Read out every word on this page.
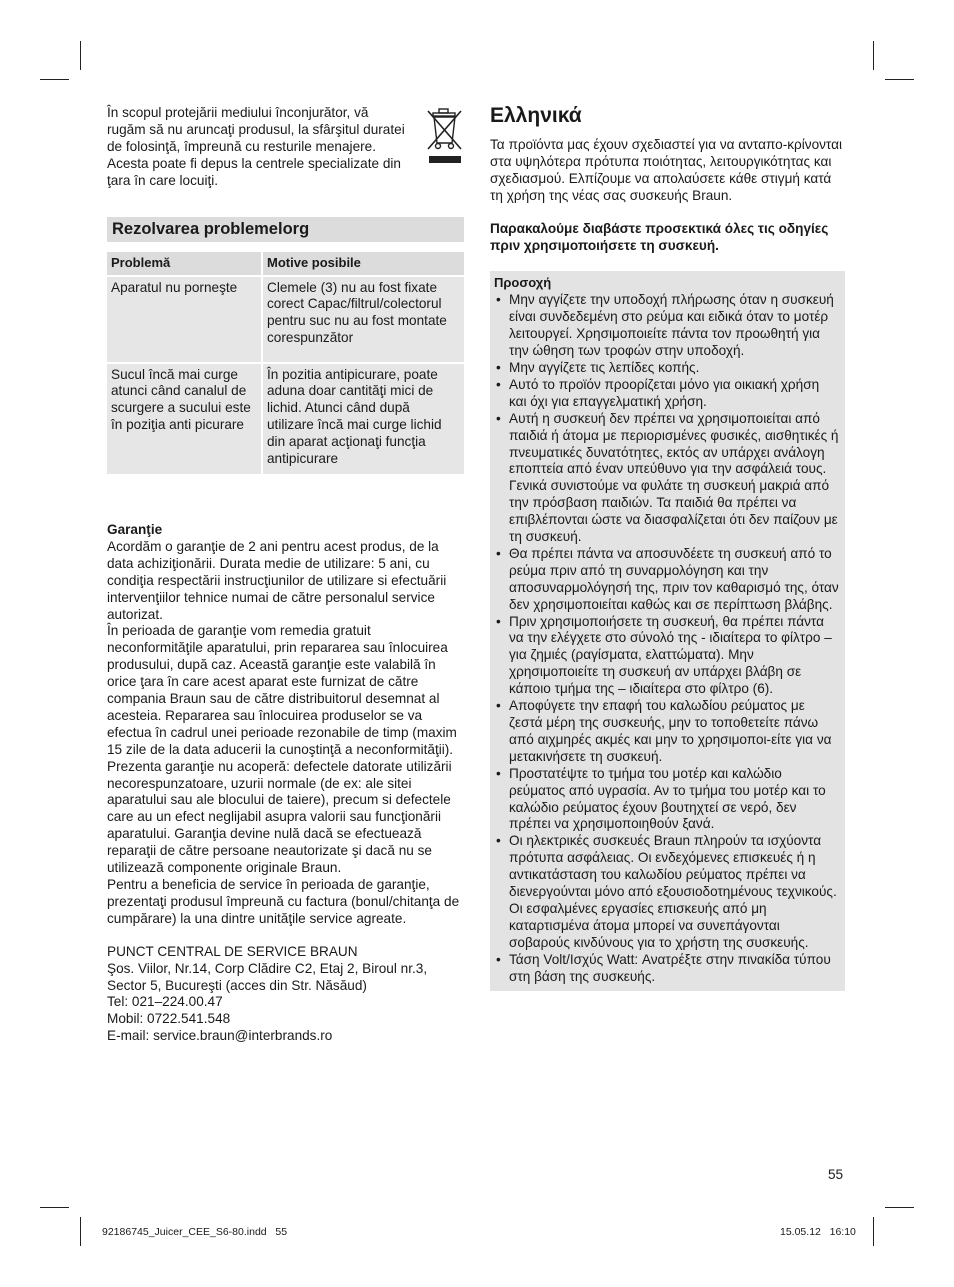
În scopul protejării mediului înconjurător, vă rugăm să nu aruncaţi produsul, la sfârşitul duratei de folosinţă, împreună cu resturile menajere. Acesta poate fi depus la centrele specializate din ţara în care locuiţi.

Rezolvarea problemelorg
Problemă	Motive posibile
Aparatul nu porneşte	Clemele (3) nu au fost fixate corect Capac/filtrul/colectorul pentru suc nu au fost montate corespunzător
Sucul încă mai curge atunci când canalul de scurgere a sucului este în poziţia anti picurare	În pozitia antipicurare, poate aduna doar cantităţi mici de lichid. Atunci când după utilizare încă mai curge lichid din aparat acţionaţi funcţia antipicurare

Garanţie

Acordăm o garanţie de 2 ani pentru acest produs, de la data achiziţionării. Durata medie de utilizare: 5 ani, cu condiţia respectării instrucţiunilor de utilizare si efectuării intervenţiilor tehnice numai de către personalul service autorizat.

În perioada de garanţie vom remedia gratuit neconformităţile aparatului, prin repararea sau înlocuirea produsului, după caz. Această garanţie este valabilă în orice ţara în care acest aparat este furnizat de către compania Braun sau de către distribuitorul desemnat al acesteia. Repararea sau înlocuirea produselor se va efectua în cadrul unei perioade rezonabile de timp (maxim 15 zile de la data aducerii la cunoştinţă a neconformităţii).

Prezenta garanţie nu acoperă: defectele datorate utilizării necorespunzatoare, uzurii normale (de ex: ale sitei aparatului sau ale blocului de taiere), precum si defectele care au un efect neglijabil asupra valorii sau funcţionării aparatului. Garanţia devine nulă dacă se efectuează reparaţii de către persoane neautorizate şi dacă nu se utilizează componente originale Braun.

Pentru a beneficia de service în perioada de garanţie, prezentaţi produsul împreună cu factura (bonul/chitanţa de cumpărare) la una dintre unităţile service agreate.

PUNCT CENTRAL DE SERVICE BRAUN

Şos. Viilor, Nr.14, Corp Clădire C2, Etaj 2, Biroul nr.3, Sector 5, Bucureşti (acces din Str. Năsăud)

Tel: 021–224.00.47

Mobil: 0722.541.548

E-mail: service.braun@interbrands.ro

Ελληνικά

Τα προϊόντα μας έχουν σχεδιαστεί για να ανταπο-κρίνονται στα υψηλότερα πρότυπα ποιότητας, λειτουργικότητας και σχεδιασμού. Ελπίζουμε να απολαύσετε κάθε στιγμή κατά τη χρήση της νέας σας συσκευής Braun.

Παρακαλούμε διαβάστε προσεκτικά όλες τις οδηγίες πριν χρησιμοποιήσετε τη συσκευή.

Προσοχή
• Μην αγγίζετε την υποδοχή πλήρωσης όταν η συσκευή είναι συνδεδεμένη στο ρεύμα και ειδικά όταν το μοτέρ λειτουργεί. Χρησιμοποιείτε πάντα τον προωθητή για την ώθηση των τροφών στην υποδοχή.
• Μην αγγίζετε τις λεπίδες κοπής.
• Αυτό το προϊόν προορίζεται μόνο για οικιακή χρήση και όχι για επαγγελματική χρήση.
• Αυτή η συσκευή δεν πρέπει να χρησιμοποιείται από παιδιά ή άτομα με περιορισμένες φυσικές, αισθητικές ή πνευματικές δυνατότητες, εκτός αν υπάρχει ανάλογη εποπτεία από έναν υπεύθυνο για την ασφάλειά τους. Γενικά συνιστούμε να φυλάτε τη συσκευή μακριά από την πρόσβαση παιδιών. Τα παιδιά θα πρέπει να επιβλέπονται ώστε να διασφαλίζεται ότι δεν παίζουν με τη συσκευή.
• Θα πρέπει πάντα να αποσυνδέετε τη συσκευή από το ρεύμα πριν από τη συναρμολόγηση και την αποσυναρμολόγησή της, πριν τον καθαρισμό της, όταν δεν χρησιμοποιείται καθώς και σε περίπτωση βλάβης.
• Πριν χρησιμοποιήσετε τη συσκευή, θα πρέπει πάντα να την ελέγχετε στο σύνολό της - ιδιαίτερα το φίλτρο – για ζημιές (ραγίσματα, ελαττώματα). Μην χρησιμοποιείτε τη συσκευή αν υπάρχει βλάβη σε κάποιο τμήμα της – ιδιαίτερα στο φίλτρο (6).
• Αποφύγετε την επαφή του καλωδίου ρεύματος με ζεστά μέρη της συσκευής, μην το τοποθετείτε πάνω από αιχμηρές ακμές και μην το χρησιμοποι-είτε για να μετακινήσετε τη συσκευή.
• Προστατέψτε το τμήμα του μοτέρ και καλώδιο ρεύματος από υγρασία. Αν το τμήμα του μοτέρ και το καλώδιο ρεύματος έχουν βουτηχτεί σε νερό, δεν πρέπει να χρησιμοποιηθούν ξανά.
• Οι ηλεκτρικές συσκευές Braun πληρούν τα ισχύοντα πρότυπα ασφάλειας. Οι ενδεχόμενες επισκευές ή η αντικατάσταση του καλωδίου ρεύματος πρέπει να διενεργούνται μόνο από εξουσιοδοτημένους τεχνικούς. Οι εσφαλμένες εργασίες επισκευής από μη καταρτισμένα άτομα μπορεί να συνεπάγονται σοβαρούς κινδύνους για το χρήστη της συσκευής.
• Τάση Volt/Ισχύς Watt: Ανατρέξτε στην πινακίδα τύπου στη βάση της συσκευής.
55
92186745_Juicer_CEE_S6-80.indd   55	15.05.12   16:10
